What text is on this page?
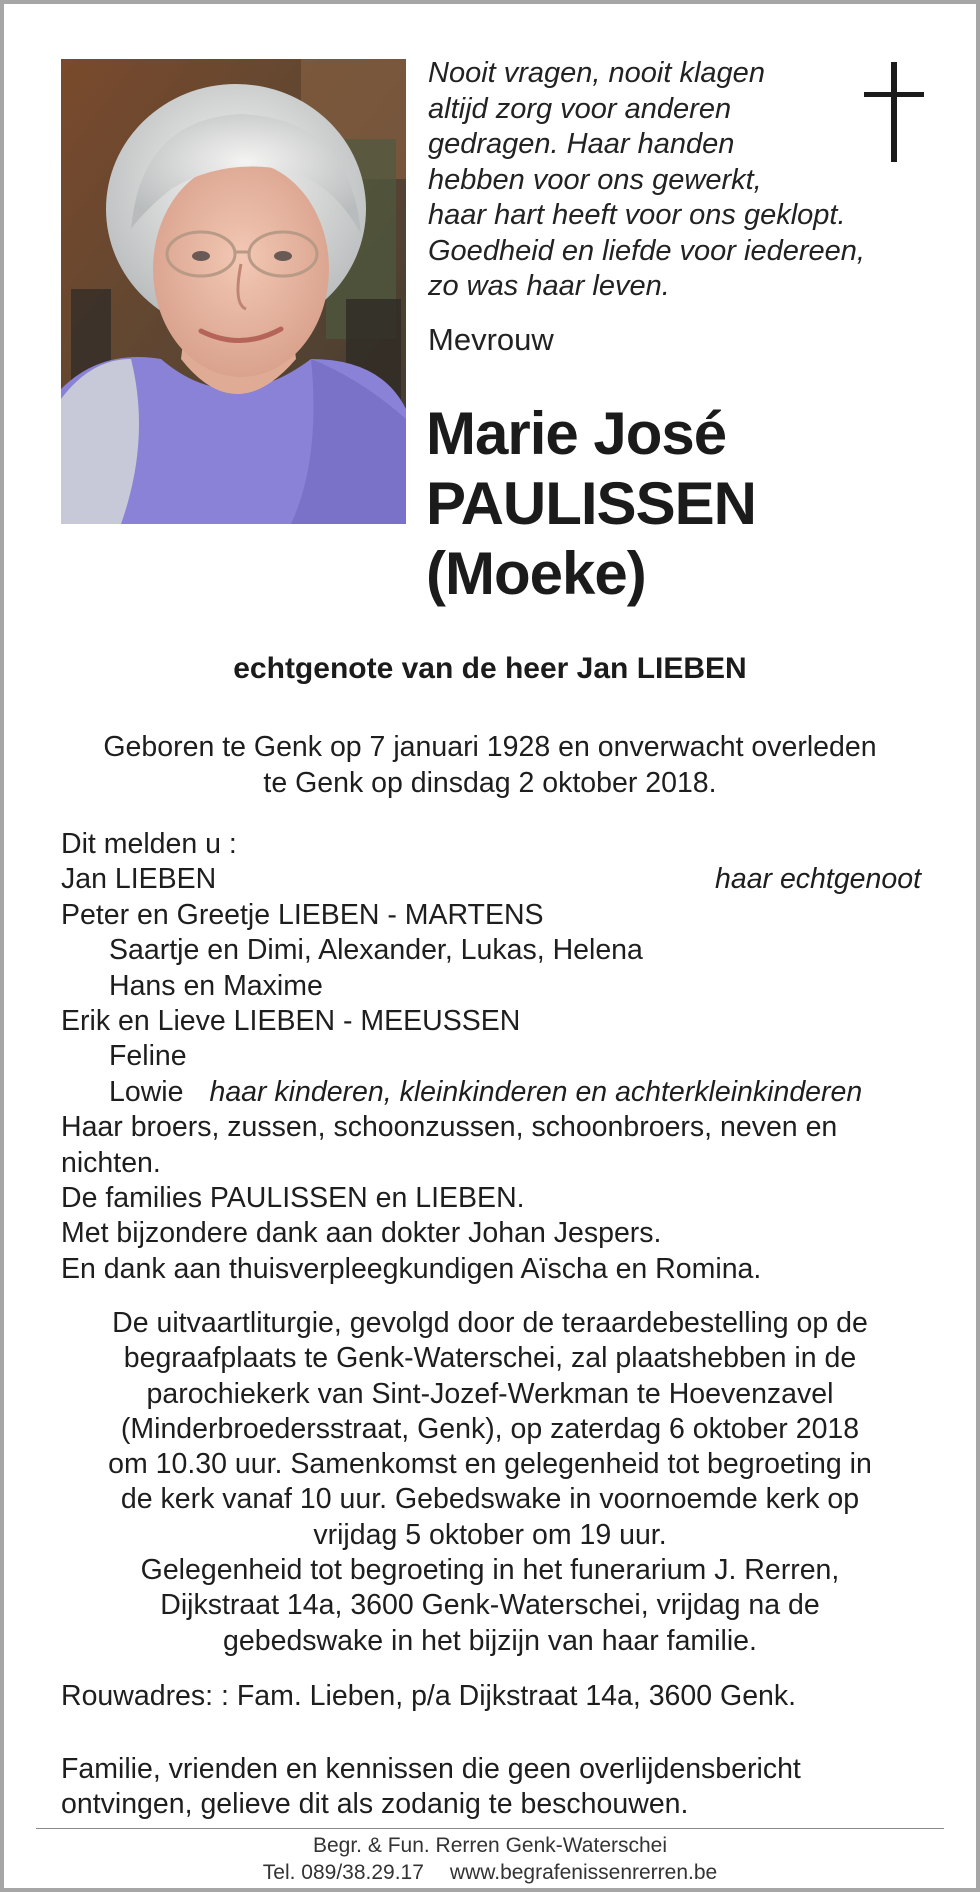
Nooit vragen, nooit klagen
altijd zorg voor anderen
gedragen. Haar handen
hebben voor ons gewerkt,
haar hart heeft voor ons geklopt.
Goedheid en liefde voor iedereen,
zo was haar leven.
Mevrouw
Marie José
PAULISSEN
(Moeke)
echtgenote van de heer Jan LIEBEN
Geboren te Genk op 7 januari 1928 en onverwacht overleden
te Genk op dinsdag 2 oktober 2018.
Dit melden u :
Jan LIEBEN	haar echtgenoot
Peter en Greetje LIEBEN - MARTENS
Saartje en Dimi, Alexander, Lukas, Helena
Hans en Maxime
Erik en Lieve LIEBEN - MEEUSSEN
Feline
Lowie haar kinderen, kleinkinderen en achterkleinkinderen
Haar broers, zussen, schoonzussen, schoonbroers, neven en nichten.
De families PAULISSEN en LIEBEN.
Met bijzondere dank aan dokter Johan Jespers.
En dank aan thuisverpleegkundigen Aïscha en Romina.
De uitvaartliturgie, gevolgd door de teraardebestelling op de
begraafplaats te Genk-Waterschei, zal plaatshebben in de
parochiekerk van Sint-Jozef-Werkman te Hoevenzavel
(Minderbroedersstraat, Genk), op zaterdag 6 oktober 2018
om 10.30 uur. Samenkomst en gelegenheid tot begroeting in
de kerk vanaf 10 uur. Gebedswake in voornoemde kerk op
vrijdag 5 oktober om 19 uur.
Gelegenheid tot begroeting in het funerarium J. Rerren,
Dijkstraat 14a, 3600 Genk-Waterschei, vrijdag na de
gebedswake in het bijzijn van haar familie.
Rouwadres: : Fam. Lieben, p/a Dijkstraat 14a, 3600 Genk.
Familie, vrienden en kennissen die geen overlijdensbericht
ontvingen, gelieve dit als zodanig te beschouwen.
Begr. & Fun. Rerren Genk-Waterschei
Tel. 089/38.29.17 www.begrafenissenrerren.be
